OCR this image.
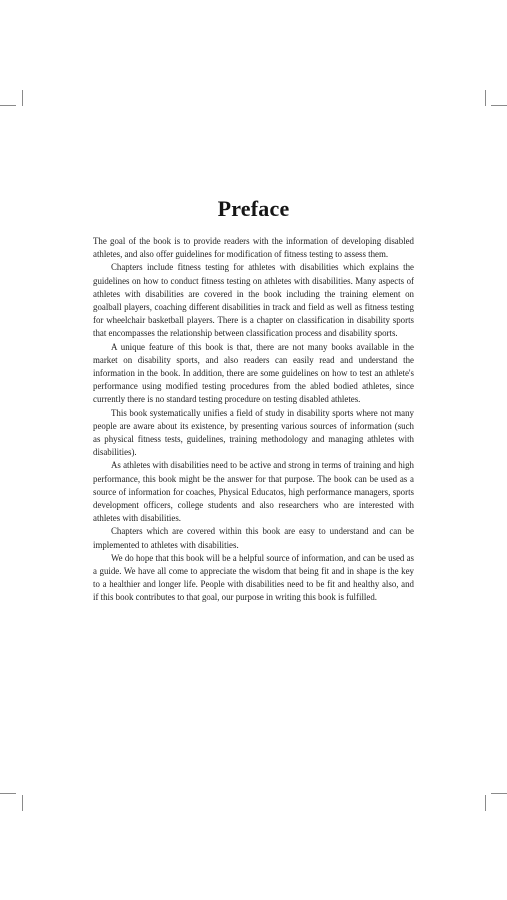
Preface

The goal of the book is to provide readers with the information of developing disabled athletes, and also offer guidelines for modification of fitness testing to assess them.

Chapters include fitness testing for athletes with disabilities which explains the guidelines on how to conduct fitness testing on athletes with disabilities. Many aspects of athletes with disabilities are covered in the book including the training element on goalball players, coaching different disabilities in track and field as well as fitness testing for wheelchair basketball players. There is a chapter on classification in disability sports that encompasses the relationship between classification process and disability sports.

A unique feature of this book is that, there are not many books available in the market on disability sports, and also readers can easily read and understand the information in the book. In addition, there are some guidelines on how to test an athlete's performance using modified testing procedures from the abled bodied athletes, since currently there is no standard testing procedure on testing disabled athletes.

This book systematically unifies a field of study in disability sports where not many people are aware about its existence, by presenting various sources of information (such as physical fitness tests, guidelines, training methodology and managing athletes with disabilities).

As athletes with disabilities need to be active and strong in terms of training and high performance, this book might be the answer for that purpose. The book can be used as a source of information for coaches, Physical Educatos, high performance managers, sports development officers, college students and also researchers who are interested with athletes with disabilities.

Chapters which are covered within this book are easy to understand and can be implemented to athletes with disabilities.

We do hope that this book will be a helpful source of information, and can be used as a guide. We have all come to appreciate the wisdom that being fit and in shape is the key to a healthier and longer life. People with disabilities need to be fit and healthy also, and if this book contributes to that goal, our purpose in writing this book is fulfilled.
